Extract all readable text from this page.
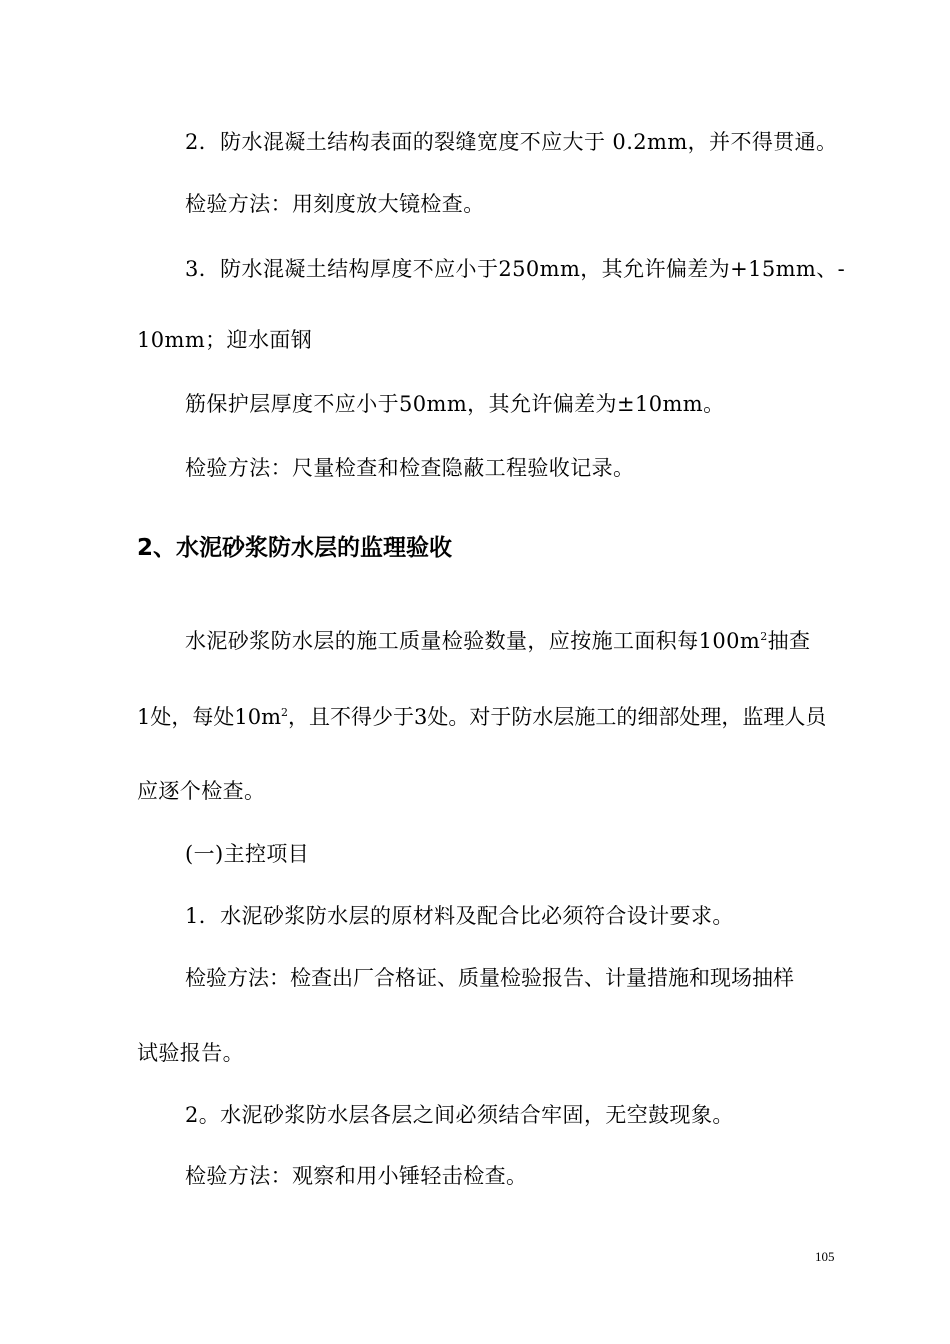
2．防水混凝土结构表面的裂缝宽度不应大于 0.2mm，并不得贯通。
检验方法：用刻度放大镜检查。
3．防水混凝土结构厚度不应小于250mm，其允许偏差为+15mm、-
10mm；迎水面钢
筋保护层厚度不应小于50mm，其允许偏差为±10mm。
检验方法：尺量检查和检查隐蔽工程验收记录。
2、水泥砂浆防水层的监理验收
水泥砂浆防水层的施工质量检验数量，应按施工面积每$100m^2$抽查
1处，每处$10m^2$，且不得少于3处。对于防水层施工的细部处理，监理人员
应逐个检查。
(一)主控项目
1．水泥砂浆防水层的原材料及配合比必须符合设计要求。
检验方法：检查出厂合格证、质量检验报告、计量措施和现场抽样
试验报告。
2。水泥砂浆防水层各层之间必须结合牢固，无空鼓现象。
检验方法：观察和用小锤轻击检查。
105
